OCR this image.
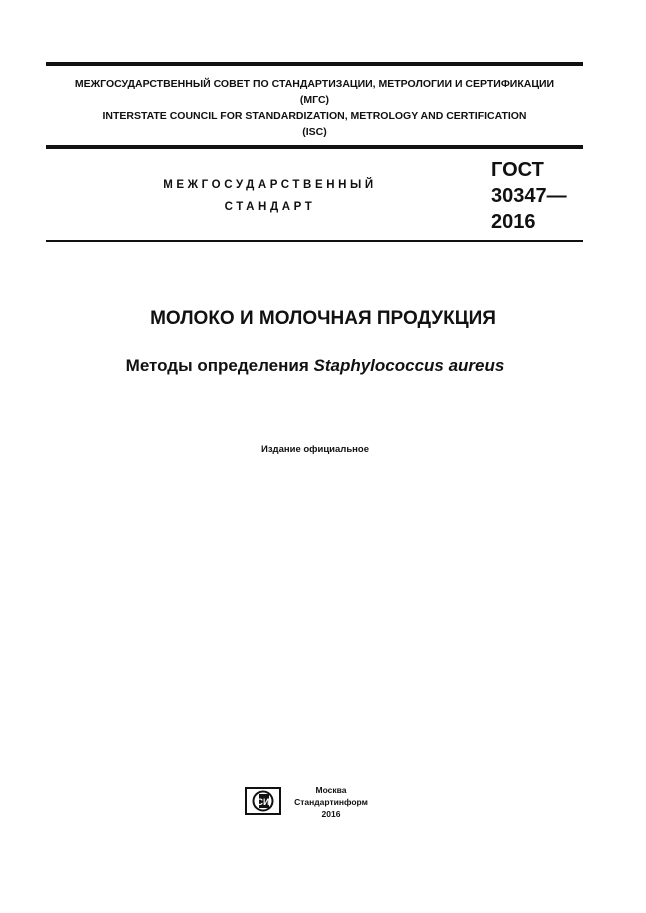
МЕЖГОСУДАРСТВЕННЫЙ СОВЕТ ПО СТАНДАРТИЗАЦИИ, МЕТРОЛОГИИ И СЕРТИФИКАЦИИ
(МГС)
INTERSTATE COUNCIL FOR STANDARDIZATION, METROLOGY AND CERTIFICATION
(ISC)
МЕЖГОСУДАРСТВЕННЫЙ
СТАНДАРТ
ГОСТ
30347—
2016
МОЛОКО И МОЛОЧНАЯ ПРОДУКЦИЯ
Методы определения Staphylococcus aureus
Издание официальное
СИ
Москва
Стандартинформ
2016
